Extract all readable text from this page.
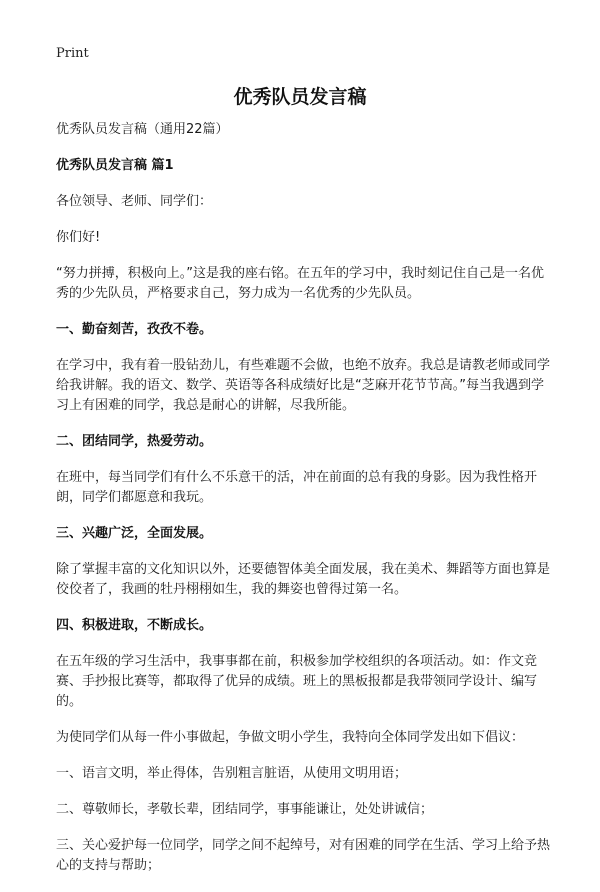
Print
优秀队员发言稿

优秀队员发言稿（通用22篇）

优秀队员发言稿 篇1

各位领导、老师、同学们：

你们好!

“努力拼搏，积极向上。”这是我的座右铭。在五年的学习中，我时刻记住自己是一名优秀的少先队员，严格要求自己，努力成为一名优秀的少先队员。

一、勤奋刻苦，孜孜不卷。

在学习中，我有着一股钻劲儿，有些难题不会做，也绝不放弃。我总是请教老师或同学给我讲解。我的语文、数学、英语等各科成绩好比是“芝麻开花节节高。”每当我遇到学习上有困难的同学，我总是耐心的讲解，尽我所能。

二、团结同学，热爱劳动。

在班中，每当同学们有什么不乐意干的活，冲在前面的总有我的身影。因为我性格开朗，同学们都愿意和我玩。

三、兴趣广泛，全面发展。

除了掌握丰富的文化知识以外，还要德智体美全面发展，我在美术、舞蹈等方面也算是佼佼者了，我画的牡丹栩栩如生，我的舞姿也曾得过第一名。

四、积极进取，不断成长。

在五年级的学习生活中，我事事都在前，积极参加学校组织的各项活动。如：作文竞赛、手抄报比赛等，都取得了优异的成绩。班上的黑板报都是我带领同学设计、编写的。

为使同学们从每一件小事做起，争做文明小学生，我特向全体同学发出如下倡议：

一、语言文明，举止得体，告别粗言脏语，从使用文明用语；

二、尊敬师长，孝敬长辈，团结同学，事事能谦让，处处讲诚信；

三、关心爱护每一位同学，同学之间不起绰号，对有困难的同学在生活、学习上给予热心的支持与帮助；
